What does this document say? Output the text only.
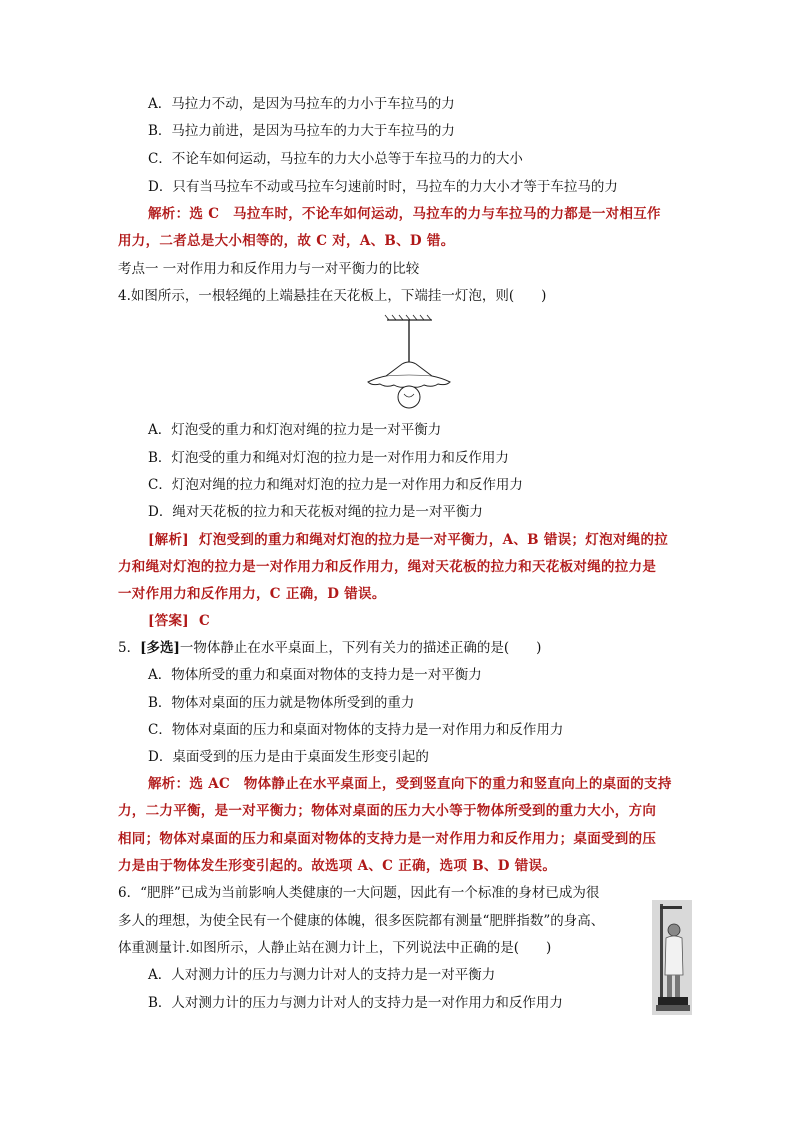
A．马拉力不动，是因为马拉车的力小于车拉马的力
B．马拉力前进，是因为马拉车的力大于车拉马的力
C．不论车如何运动，马拉车的力大小总等于车拉马的力的大小
D．只有当马拉车不动或马拉车匀速前时时，马拉车的力大小才等于车拉马的力
解析：选 C　马拉车时，不论车如何运动，马拉车的力与车拉马的力都是一对相互作
用力，二者总是大小相等的，故 C 对，A、B、D 错。
考点一 一对作用力和反作用力与一对平衡力的比较
4.如图所示，一根轻绳的上端悬挂在天花板上，下端挂一灯泡，则(　　)
A．灯泡受的重力和灯泡对绳的拉力是一对平衡力
B．灯泡受的重力和绳对灯泡的拉力是一对作用力和反作用力
C．灯泡对绳的拉力和绳对灯泡的拉力是一对作用力和反作用力
D．绳对天花板的拉力和天花板对绳的拉力是一对平衡力
[解析] 灯泡受到的重力和绳对灯泡的拉力是一对平衡力，A、B 错误；灯泡对绳的拉
力和绳对灯泡的拉力是一对作用力和反作用力，绳对天花板的拉力和天花板对绳的拉力是
一对作用力和反作用力，C 正确，D 错误。
[答案] C
5．[多选]一物体静止在水平桌面上，下列有关力的描述正确的是(　　)
A．物体所受的重力和桌面对物体的支持力是一对平衡力
B．物体对桌面的压力就是物体所受到的重力
C．物体对桌面的压力和桌面对物体的支持力是一对作用力和反作用力
D．桌面受到的压力是由于桌面发生形变引起的
解析：选 AC　物体静止在水平桌面上，受到竖直向下的重力和竖直向上的桌面的支持
力，二力平衡，是一对平衡力；物体对桌面的压力大小等于物体所受到的重力大小，方向
相同；物体对桌面的压力和桌面对物体的支持力是一对作用力和反作用力；桌面受到的压
力是由于物体发生形变引起的。故选项 A、C 正确，选项 B、D 错误。
6．“肥胖”已成为当前影响人类健康的一大问题，因此有一个标准的身材已成为很
多人的理想，为使全民有一个健康的体魄，很多医院都有测量“肥胖指数”的身高、
体重测量计.如图所示，人静止站在测力计上，下列说法中正确的是(　　)
A．人对测力计的压力与测力计对人的支持力是一对平衡力
B．人对测力计的压力与测力计对人的支持力是一对作用力和反作用力
